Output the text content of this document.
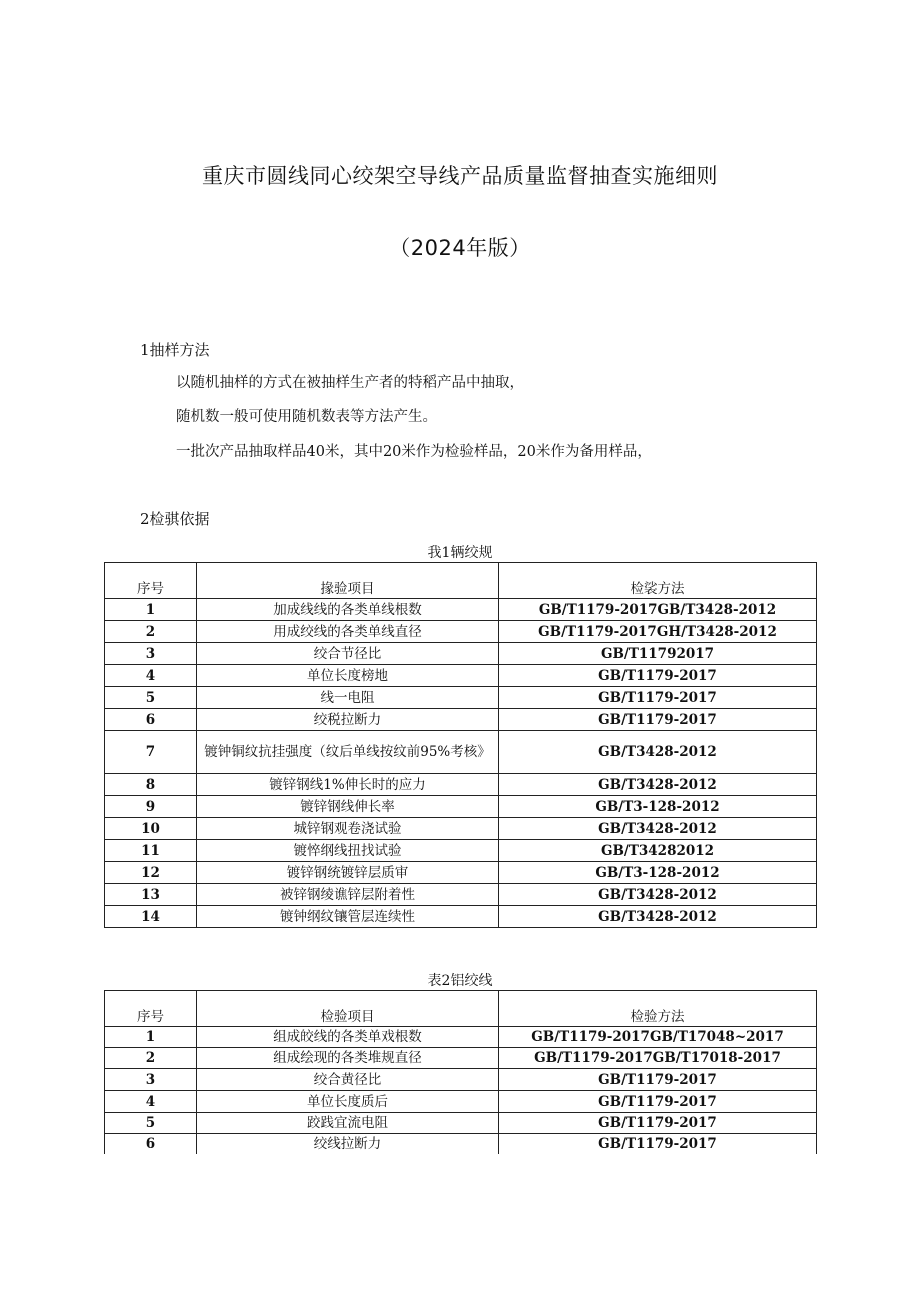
重庆市圆线同心绞架空导线产品质量监督抽查实施细则
（2024年版）
1抽样方法
以随机抽样的方式在被抽样生产者的特稻产品中抽取，
随机数一般可使用随机数表等方法产生。
一批次产品抽取样品40米，其中20米作为检验样品，20米作为备用样品，
2检骐依据
我1辆绞规
序号	掾验项目	检裟方法
1	加成线线的各类单线根数	GB/T1179-2017GB/T3428-2012
2	用成绞线的各类单线直径	GB/T1179-2017GH/T3428-2012
3	绞合节径比	GB/T11792017
4	单位长度榜地	GB/T1179-2017
5	线一电阻	GB/T1179-2017
6	绞税拉断力	GB/T1179-2017
7	镀钟铜纹抗挂强度（纹后单线按纹前95%考核》	GB/T3428-2012
8	镀锌钢线1%伸长时的应力	GB/T3428-2012
9	镀锌钢线伸长率	GB/T3-128-2012
10	城锌钢观卷浇试验	GB/T3428-2012
11	镀悴纲线扭找试验	GB/T34282012
12	镀锌钢统镀锌层质审	GB/T3-128-2012
13	被锌钢绫谯锌层附着性	GB/T3428-2012
14	镀钟纲纹镶管层连续性	GB/T3428-2012
表2铝绞线
序号	检验项目	检验方法
1	组成皎线的各类单戏根数	GB/T1179-2017GB/T17048~2017
2	组成绘现的各类堆规直径	GB/T1179-2017GB/T17018-2017
3	绞合黄径比	GB/T1179-2017
4	单位长度质后	GB/T1179-2017
5	跤践宜流电阻	GB/T1179-2017
6	绞线拉断力	GB/T1179-2017
